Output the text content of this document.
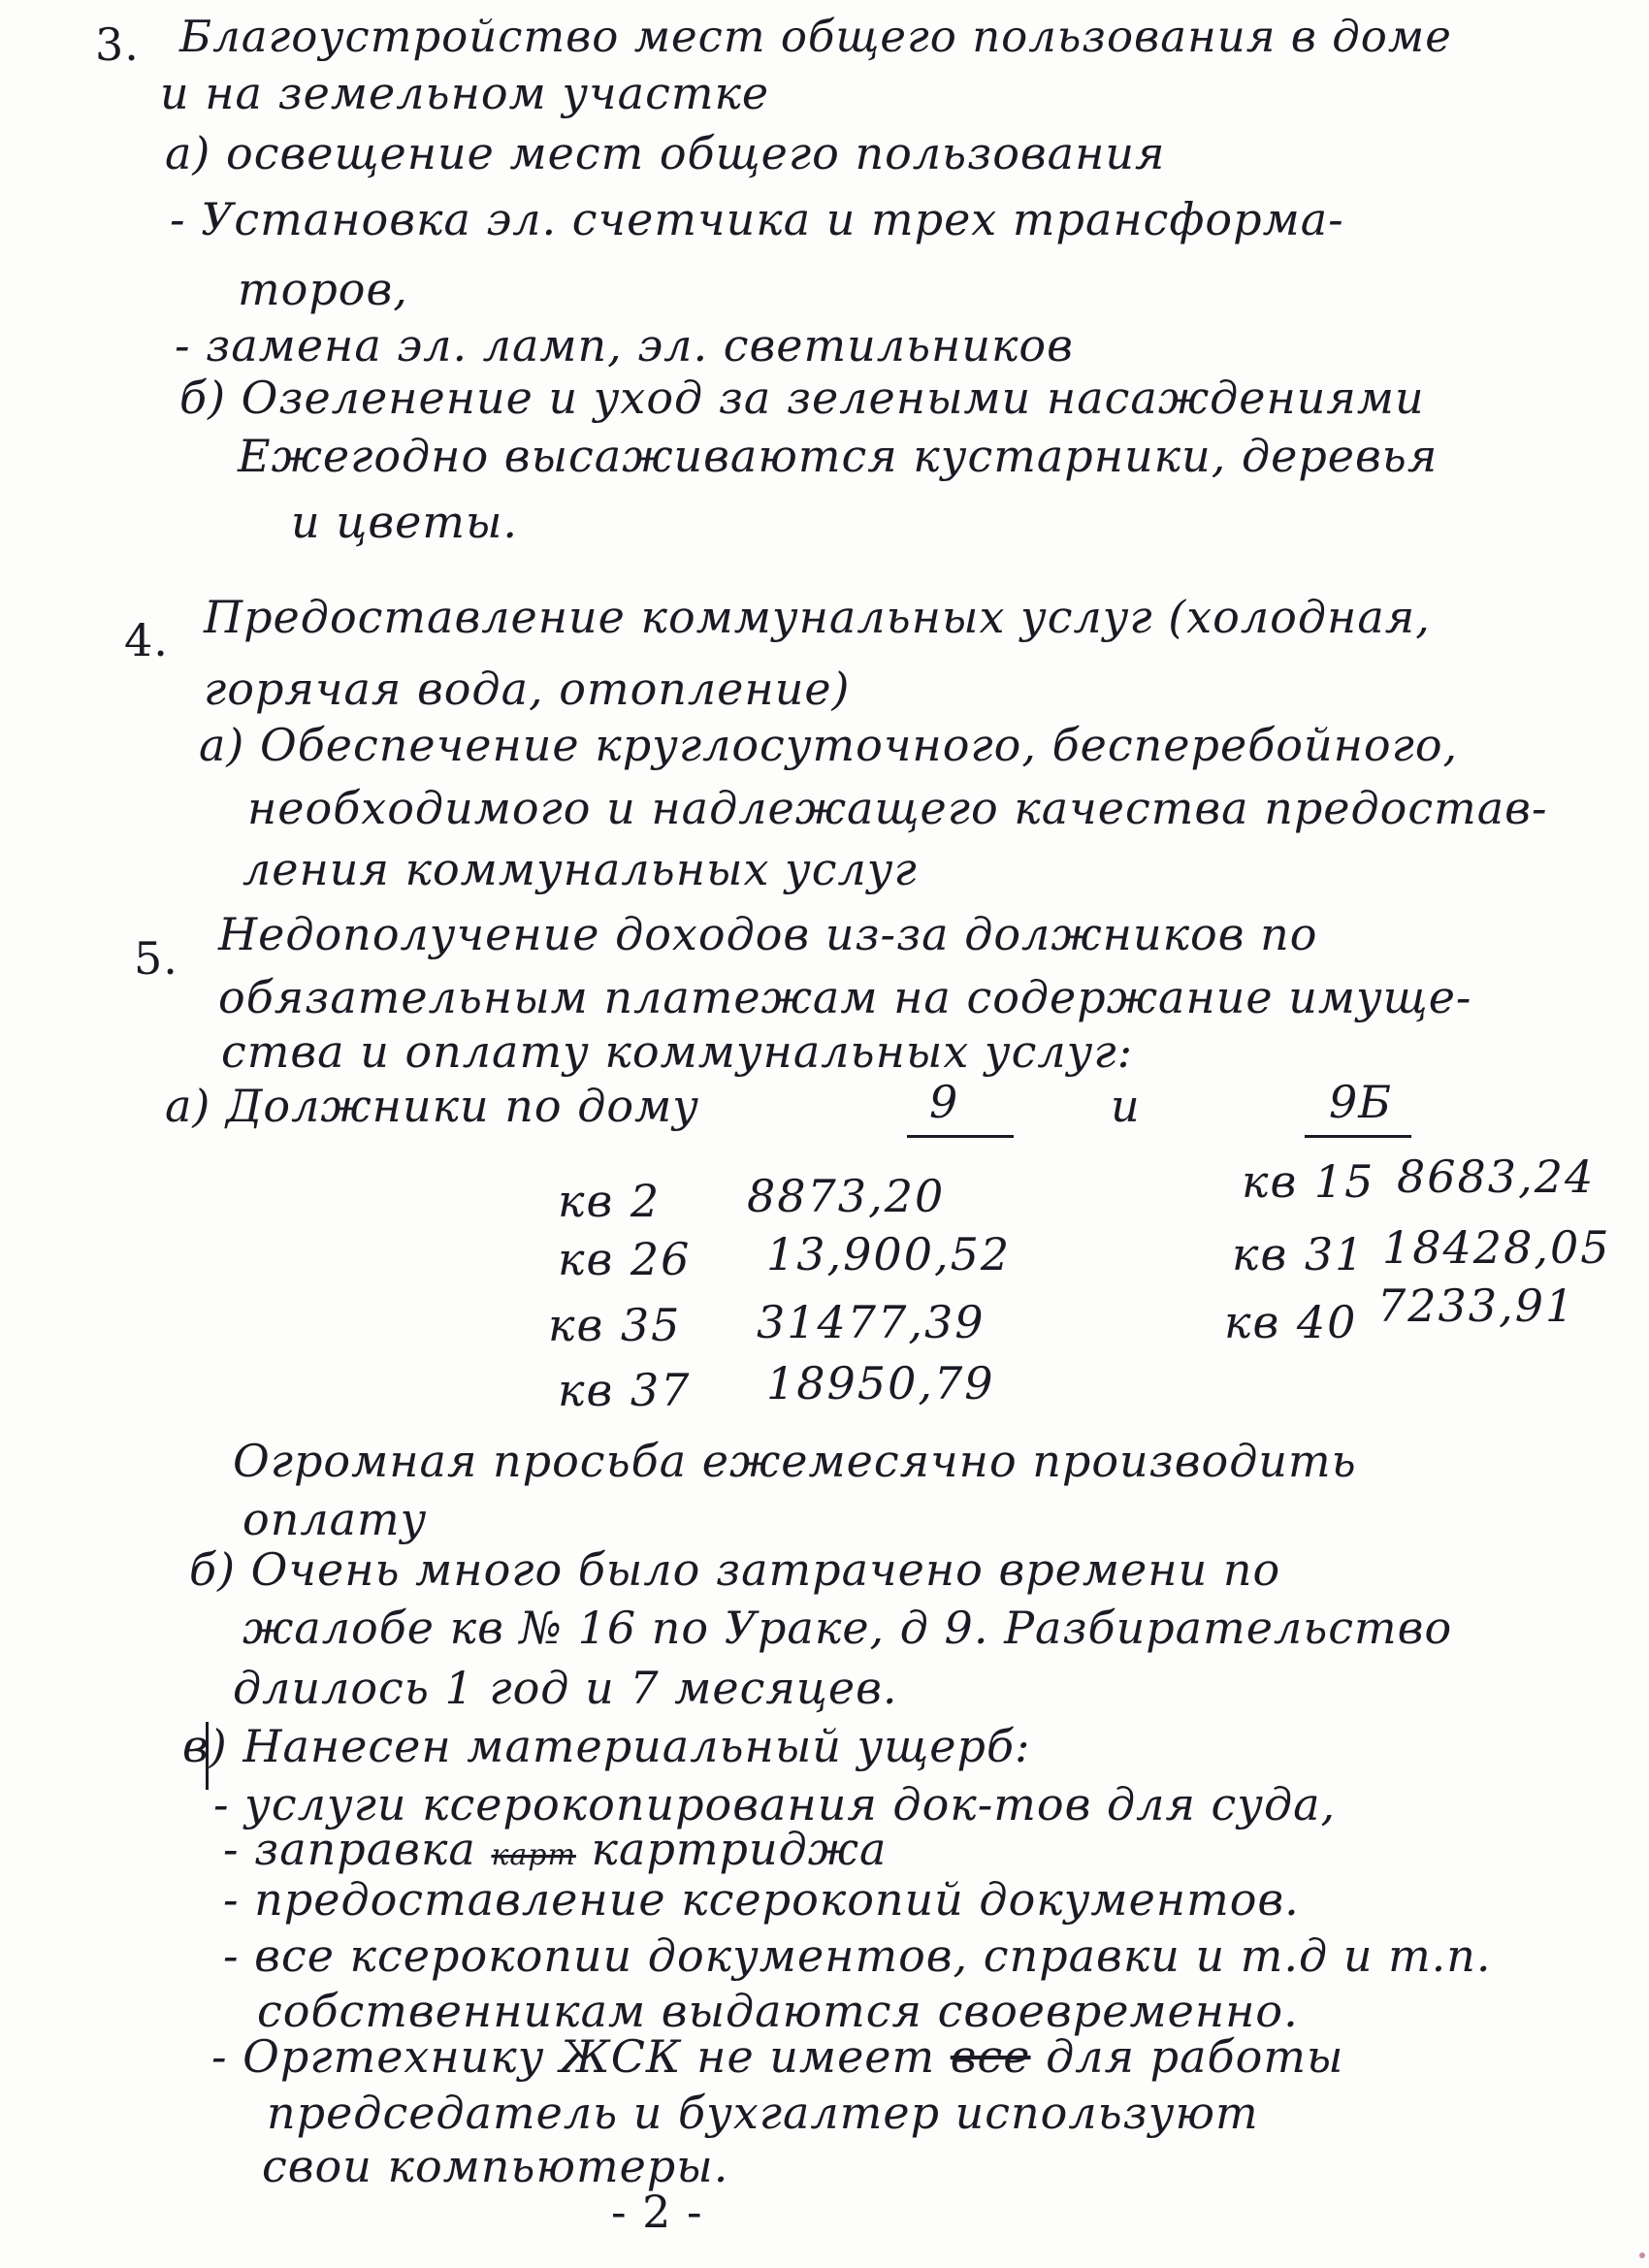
3. Благоустройство мест общего пользования в доме
и на земельном участке
а) освещение мест общего пользования
- Установка эл. счетчика и трех трансформа-
торов,
- замена эл. ламп, эл. светильников
б) Озеленение и уход за зелеными насаждениями
Ежегодно высаживаются кустарники, деревья
и цветы.
4. Предоставление коммунальных услуг (холодная,
горячая вода, отопление)
а) Обеспечение круглосуточного, бесперебойного,
необходимого и надлежащего качества предостав-
ления коммунальных услуг
5. Недополучение доходов из-за должников по
обязательным платежам на содержание имуще-
ства и оплату коммунальных услуг:
а) Должники по дому	9	и	9Б
кв 2 8873,20
кв 26 13,900,52
кв 35 31477,39
кв 37 18950,79
кв 15 8683,24
кв 31 18428,05
кв 40 7233,91
Огромная просьба ежемесячно производить
оплату
б) Очень много было затрачено времени по
жалобе кв № 16 по Ураке, д 9. Разбирательство
длилось 1 год и 7 месяцев.
в) Нанесен материальный ущерб:
- услуги ксерокопирования док-тов для суда,
- заправка карт картриджа
- предоставление ксерокопий документов.
- все ксерокопии документов, справки и т.д и т.п.
собственникам выдаются своевременно.
- Оргтехнику ЖСК не имеет все для работы
председатель и бухгалтер используют
свои компьютеры.
- 2 -
